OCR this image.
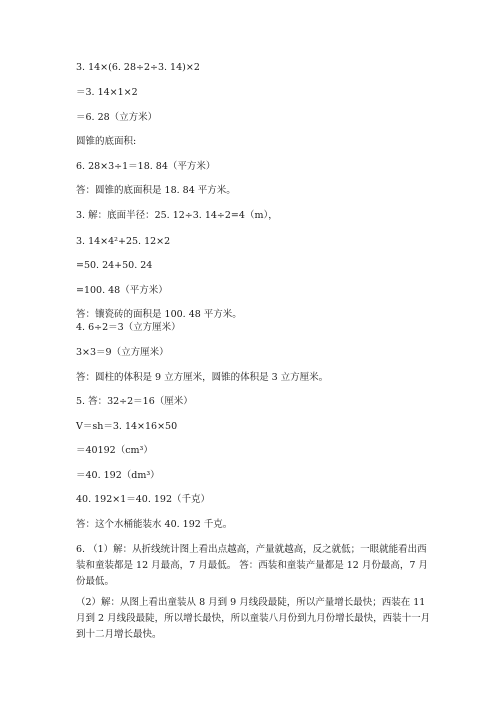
3. 14×(6. 28÷2÷3. 14)×2
＝3. 14×1×2
＝6. 28（立方米）
圆锥的底面积:
6. 28×3÷1＝18. 84（平方米）
答：圆锥的底面积是 18. 84 平方米。
3. 解：底面半径：25. 12÷3. 14÷2=4（m），
3. 14×4²+25. 12×2
=50. 24+50. 24
=100. 48（平方米）
答：镶瓷砖的面积是 100. 48 平方米。
4. 6÷2＝3（立方厘米）
3×3＝9（立方厘米）
答：圆柱的体积是 9 立方厘米，圆锥的体积是 3 立方厘米。
5. 答：32÷2＝16（厘米）
V＝sh＝3. 14×16×50
＝40192（cm³）
＝40. 192（dm³）
40. 192×1＝40. 192（千克）
答：这个水桶能装水 40. 192 千克。
6. （1）解：从折线统计图上看出点越高，产量就越高，反之就低；一眼就能看出西装和童装都是 12 月最高，7 月最低。 答：西装和童装产量都是 12 月份最高，7 月份最低。
（2）解：从图上看出童装从 8 月到 9 月线段最陡，所以产量增长最快；西装在 11 月到 2 月线段最陡，所以增长最快，所以童装八月份到九月份增长最快，西装十一月到十二月增长最快。
